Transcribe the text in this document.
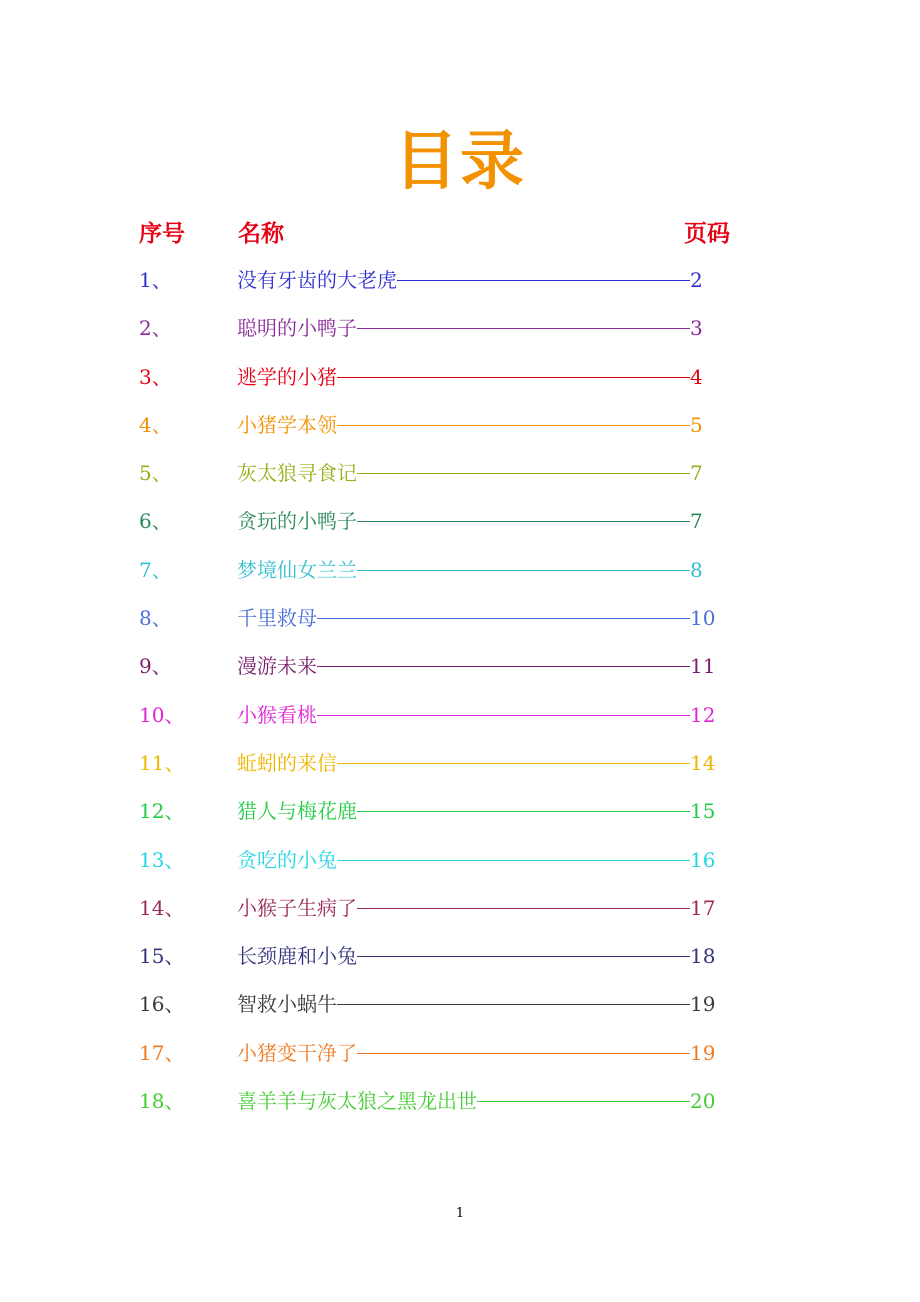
目录
序号 名称	页码
1、	没有牙齿的大老虎	2
2、	聪明的小鸭子	3
3、	逃学的小猪	4
4、	小猪学本领	5
5、	灰太狼寻食记	7
6、	贪玩的小鸭子	7
7、	梦境仙女兰兰	8
8、	千里救母	10
9、	漫游未来	11
10、	小猴看桃	12
11、	蚯蚓的来信	14
12、	猎人与梅花鹿	15
13、	贪吃的小兔	16
14、	小猴子生病了	17
15、	长颈鹿和小兔	18
16、	智救小蜗牛	19
17、	小猪变干净了	19
18、	喜羊羊与灰太狼之黑龙出世	20
1
